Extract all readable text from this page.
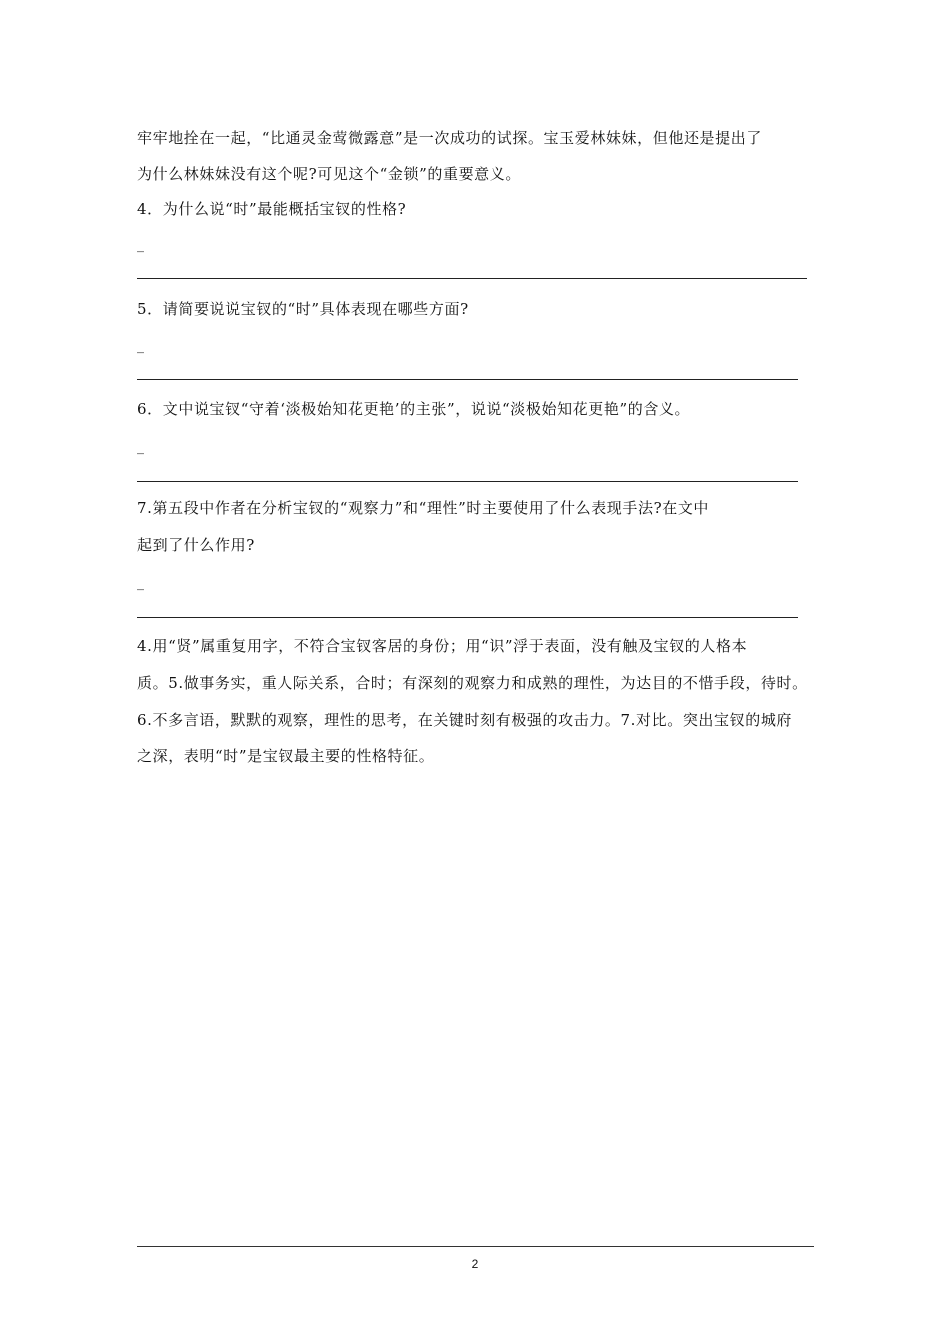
牢牢地拴在一起，“比通灵金莺微露意”是一次成功的试探。宝玉爱林妹妹，但他还是提出了
为什么林妹妹没有这个呢?可见这个“金锁”的重要意义。
4．为什么说“时”最能概括宝钗的性格?
_
5．请简要说说宝钗的“时”具体表现在哪些方面?
_
6．文中说宝钗“守着‘淡极始知花更艳’的主张”，说说“淡极始知花更艳”的含义。
_
7.第五段中作者在分析宝钗的“观察力”和“理性”时主要使用了什么表现手法?在文中
起到了什么作用?
_
4.用“贤”属重复用字，不符合宝钗客居的身份；用“识”浮于表面，没有触及宝钗的人格本
质。5.做事务实，重人际关系，合时；有深刻的观察力和成熟的理性，为达目的不惜手段，待时。
6.不多言语，默默的观察，理性的思考，在关键时刻有极强的攻击力。7.对比。突出宝钗的城府
之深，表明“时”是宝钗最主要的性格特征。
2
